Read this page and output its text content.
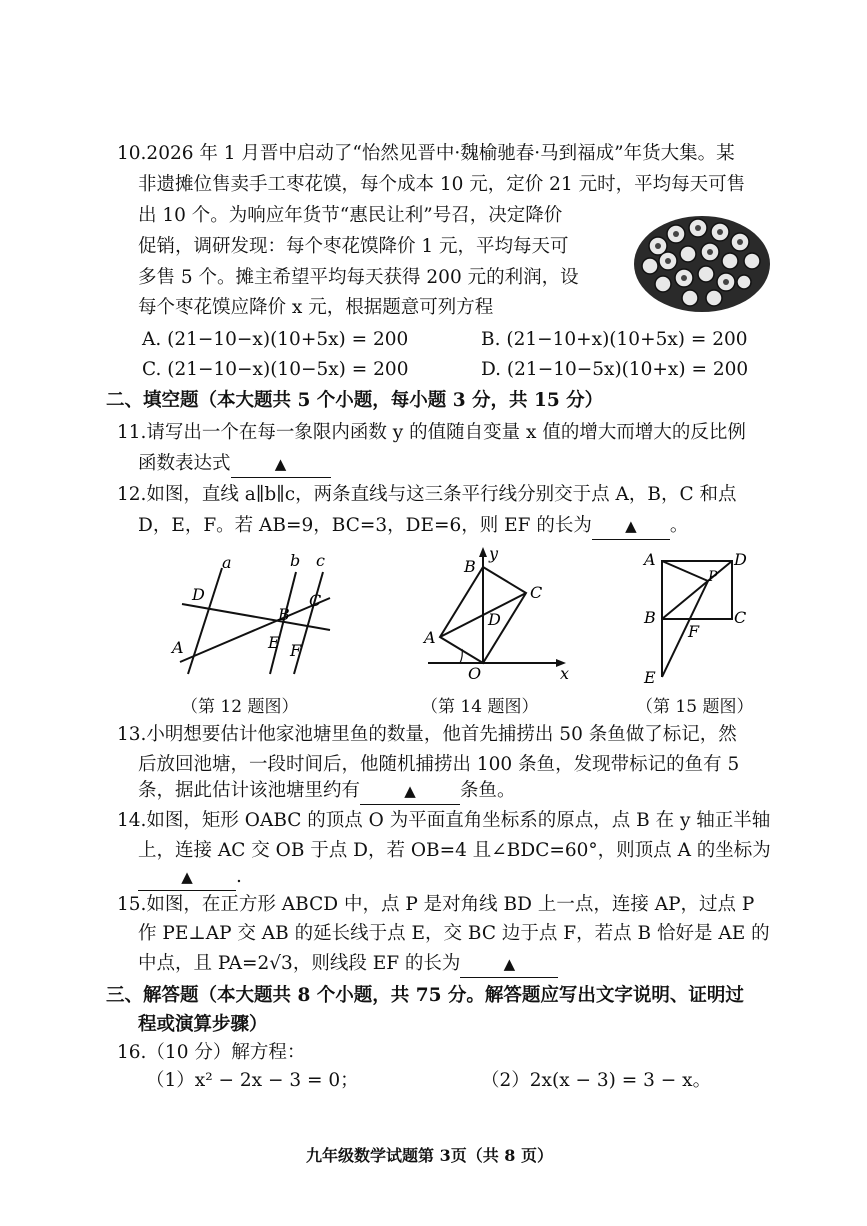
10.2026 年 1 月晋中启动了“怡然见晋中·魏榆驰春·马到福成”年货大集。某
非遗摊位售卖手工枣花馍，每个成本 10 元，定价 21 元时，平均每天可售
出 10 个。为响应年货节“惠民让利”号召，决定降价
促销，调研发现：每个枣花馍降价 1 元，平均每天可
多售 5 个。摊主希望平均每天获得 200 元的利润，设
每个枣花馍应降价 x 元，根据题意可列方程
A. (21−10−x)(10+5x) = 200	B. (21−10+x)(10+5x) = 200
C. (21−10−x)(10−5x) = 200	D. (21−10−5x)(10+x) = 200
二、填空题（本大题共 5 个小题，每小题 3 分，共 15 分）
11.请写出一个在每一象限内函数 y 的值随自变量 x 值的增大而增大的反比例
函数表达式	▲
12.如图，直线 a∥b∥c，两条直线与这三条平行线分别交于点 A，B，C 和点
D，E，F。若 AB=9，BC=3，DE=6，则 EF 的长为 ▲ 。
a	b c
D
B
C
A	E F
（第 12 题图）
y
B
C
D
A
O	x
（第 14 题图）
A	D
P
B	C
F
E
（第 15 题图）
13.小明想要估计他家池塘里鱼的数量，他首先捕捞出 50 条鱼做了标记，然
后放回池塘，一段时间后，他随机捕捞出 100 条鱼，发现带标记的鱼有 5
条，据此估计该池塘里约有	▲ 条鱼。
14.如图，矩形 OABC 的顶点 O 为平面直角坐标系的原点，点 B 在 y 轴正半轴
上，连接 AC 交 OB 于点 D，若 OB=4 且∠BDC=60°，则顶点 A 的坐标为
▲ .
15.如图，在正方形 ABCD 中，点 P 是对角线 BD 上一点，连接 AP，过点 P
作 PE⊥AP 交 AB 的延长线于点 E，交 BC 边于点 F，若点 B 恰好是 AE 的
中点，且 PA=2√3，则线段 EF 的长为	▲
三、解答题（本大题共 8 个小题，共 75 分。解答题应写出文字说明、证明过
程或演算步骤）
16.（10 分）解方程：
（1）x² − 2x − 3 = 0；	（2）2x(x − 3) = 3 − x。
九年级数学试题第 3页（共 8 页）
